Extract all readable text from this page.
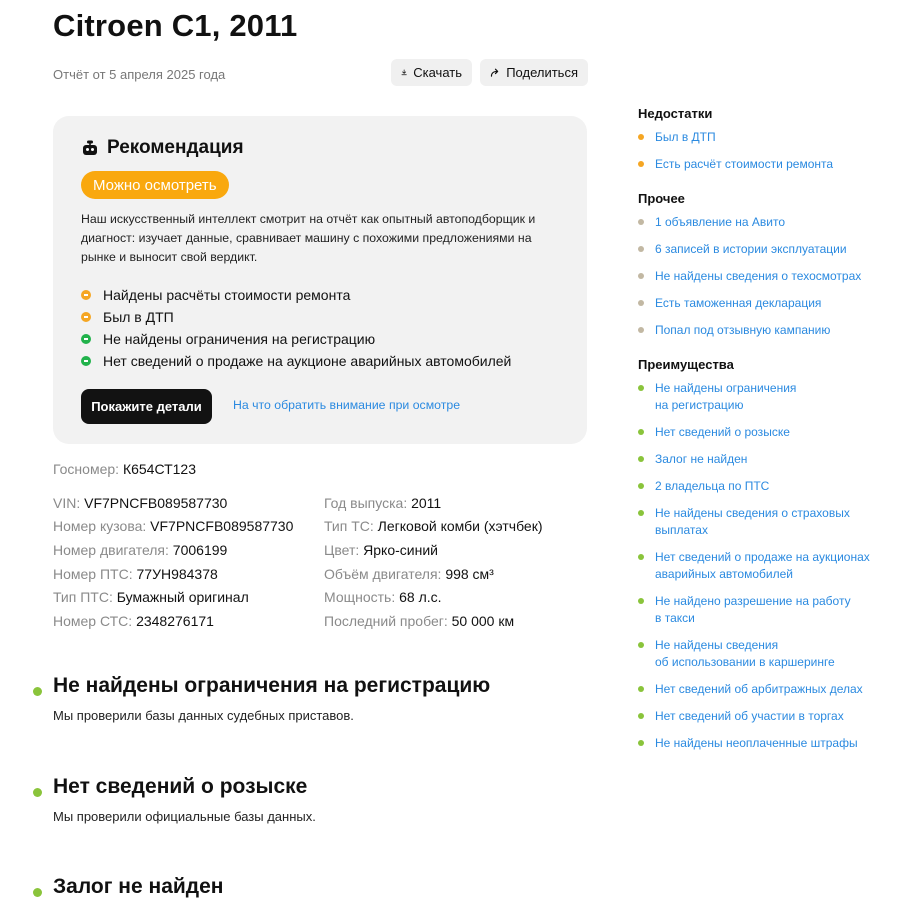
Citroen C1, 2011
Отчёт от 5 апреля 2025 года	Скачать	Поделиться
Рекомендация
Можно осмотреть
Наш искусственный интеллект смотрит на отчёт как опытный автоподборщик и диагност: изучает данные, сравнивает машину с похожими предложениями на рынке и выносит свой вердикт.
Найдены расчёты стоимости ремонта
Был в ДТП
Не найдены ограничения на регистрацию
Нет сведений о продаже на аукционе аварийных автомобилей
Покажите детали	На что обратить внимание при осмотре
Госномер: К654СТ123
VIN:
VF7PNCFB089587730
Номер кузова:
VF7PNCFB089587730
Номер двигателя:
7006199
Номер ПТС:
77УН984378
Тип ПТС:
Бумажный оригинал
Номер СТС:
2348276171
Год выпуска:
2011
Тип ТС:
Легковой комби (хэтчбек)
Цвет:
Ярко-синий
Объём двигателя:
998 см³
Мощность:
68 л.с.
Последний пробег:
50 000 км
Не найдены ограничения на регистрацию

Мы проверили базы данных судебных приставов.

Нет сведений о розыске

Мы проверили официальные базы данных.

Залог не найден
Недостатки
Был в ДТП
Есть расчёт стоимости ремонта
Прочее
1 объявление на Авито
6 записей в истории эксплуатации
Не найдены сведения о техосмотрах
Есть таможенная декларация
Попал под отзывную кампанию
Преимущества
Не найдены ограничения
на регистрацию
Нет сведений о розыске
Залог не найден
2 владельца по ПТС
Не найдены сведения о страховых
выплатах
Нет сведений о продаже на аукционах
аварийных автомобилей
Не найдено разрешение на работу
в такси
Не найдены сведения
об использовании в каршеринге
Нет сведений об арбитражных делах
Нет сведений об участии в торгах
Не найдены неоплаченные штрафы
